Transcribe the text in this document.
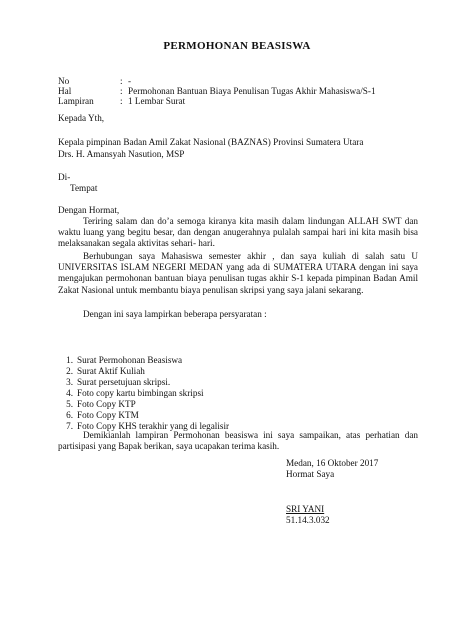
PERMOHONAN BEASISWA
No	: -
Hal	: Permohonan Bantuan Biaya Penulisan Tugas Akhir Mahasiswa/S-1
Lampiran	: 1 Lembar Surat
Kepada Yth,
Kepala pimpinan Badan Amil Zakat Nasional (BAZNAS) Provinsi Sumatera Utara
Drs. H. Amansyah Nasution, MSP
Di-
Tempat
Dengan Hormat,
Teriring salam dan do’a semoga kiranya kita masih dalam lindungan ALLAH SWT dan waktu luang yang begitu besar, dan dengan anugerahnya pulalah sampai hari ini kita masih bisa melaksanakan segala aktivitas sehari- hari.
Berhubungan saya Mahasiswa semester akhir , dan saya kuliah di salah satu U UNIVERSITAS ISLAM NEGERI MEDAN yang ada di SUMATERA UTARA dengan ini saya mengajukan permohonan bantuan biaya penulisan tugas akhir S-1 kepada pimpinan Badan Amil Zakat Nasional untuk membantu biaya penulisan skripsi yang saya jalani sekarang.
Dengan ini saya lampirkan beberapa persyaratan :
1. Surat Permohonan Beasiswa
2. Surat Aktif Kuliah
3. Surat persetujuan skripsi.
4. Foto copy kartu bimbingan skripsi
5. Foto Copy KTP
6. Foto Copy KTM
7. Foto Copy KHS terakhir yang di legalisir
Demikianlah lampiran Permohonan beasiswa ini saya sampaikan, atas perhatian dan partisipasi yang Bapak berikan, saya ucapakan terima kasih.
Medan, 16 Oktober 2017
Hormat Saya
SRI YANI
51.14.3.032
